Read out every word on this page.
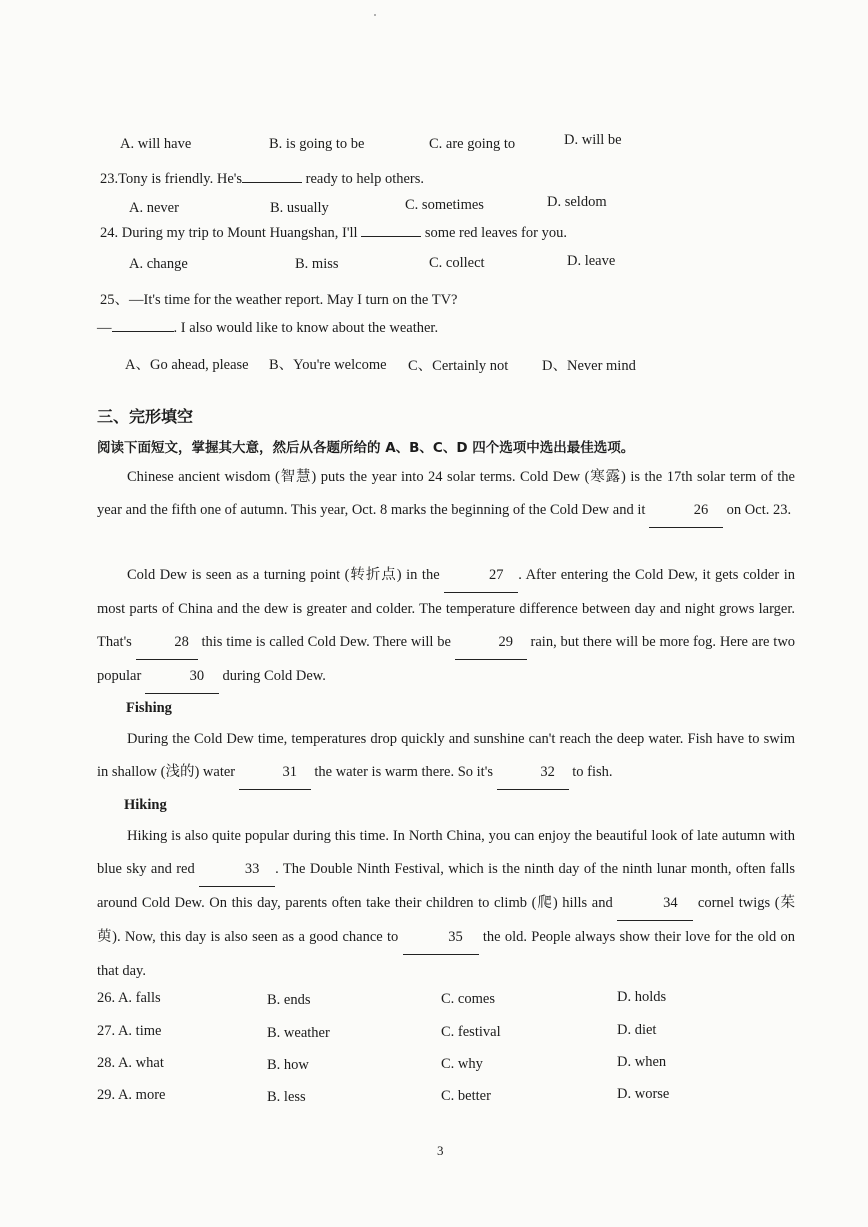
A. will have	B. is going to be	C. are going to	D. will be
23.Tony is friendly. He's	ready to help others.
A. never	B. usually	C. sometimes	D. seldom
24. During my trip to Mount Huangshan, I'll	some red leaves for you.
A. change	B. miss	C. collect	D. leave
25、—It's time for the weather report. May I turn on the TV?
—	. I also would like to know about the weather.
A、Go ahead, please B、You're welcome C、Certainly not D、Never mind
三、完形填空
阅读下面短文，掌握其大意，然后从各题所给的 A、B、C、D 四个选项中选出最佳选项。
Chinese ancient wisdom (智慧) puts the year into 24 solar terms. Cold Dew (寒露) is the 17th solar term of the year and the fifth one of autumn. This year, Oct. 8 marks the beginning of the Cold Dew and it	26 on Oct. 23.
Cold Dew is seen as a turning point (转折点) in the	27 . After entering the Cold Dew, it gets colder in most parts of China and the dew is greater and colder. The temperature difference between day and night grows larger. That's	28 this time is called Cold Dew. There will be	29 rain, but there will be more fog. Here are two popular	30 during Cold Dew.
Fishing
During the Cold Dew time, temperatures drop quickly and sunshine can't reach the deep water. Fish have to swim in shallow (浅的) water	31 the water is warm there. So it's	32 to fish.
Hiking
Hiking is also quite popular during this time. In North China, you can enjoy the beautiful look of late autumn with blue sky and red	33 . The Double Ninth Festival, which is the ninth day of the ninth lunar month, often falls around Cold Dew. On this day, parents often take their children to climb (爬) hills and	34 cornel twigs (茱萸). Now, this day is also seen as a good chance to	35 the old. People always show their love for the old on that day.
26. A. falls	B. ends	C. comes	D. holds
27. A. time	B. weather	C. festival	D. diet
28. A. what	B. how	C. why	D. when
29. A. more	B. less	C. better	D. worse
3
